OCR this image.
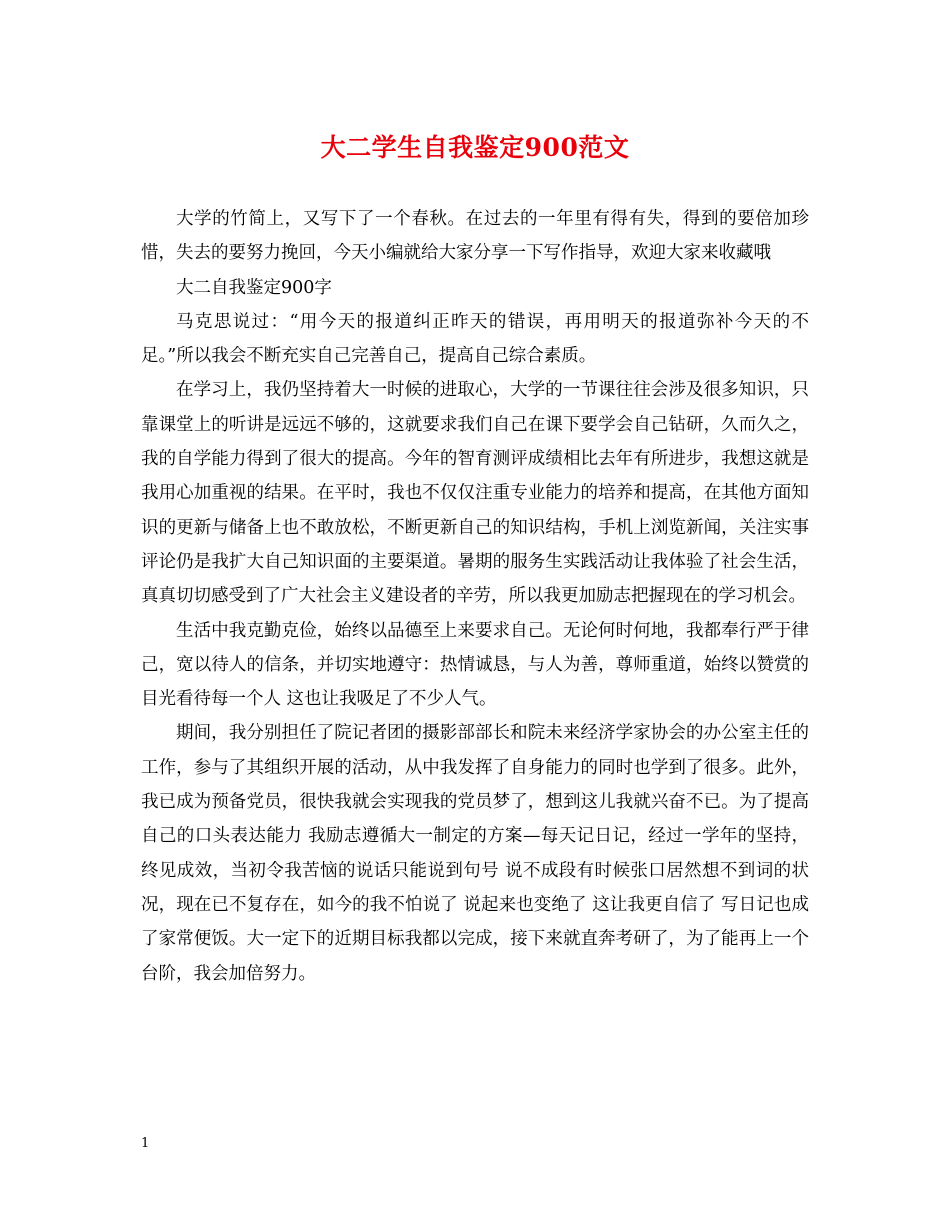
大二学生自我鉴定900范文

大学的竹简上，又写下了一个春秋。在过去的一年里有得有失，得到的要倍加珍惜，失去的要努力挽回，今天小编就给大家分享一下写作指导，欢迎大家来收藏哦

大二自我鉴定900字

马克思说过：“用今天的报道纠正昨天的错误，再用明天的报道弥补今天的不足。”所以我会不断充实自己完善自己，提高自己综合素质。

在学习上，我仍坚持着大一时候的进取心，大学的一节课往往会涉及很多知识，只靠课堂上的听讲是远远不够的，这就要求我们自己在课下要学会自己钻研，久而久之，我的自学能力得到了很大的提高。今年的智育测评成绩相比去年有所进步，我想这就是我用心加重视的结果。在平时，我也不仅仅注重专业能力的培养和提高，在其他方面知识的更新与储备上也不敢放松，不断更新自己的知识结构，手机上浏览新闻，关注实事评论仍是我扩大自己知识面的主要渠道。暑期的服务生实践活动让我体验了社会生活，真真切切感受到了广大社会主义建设者的辛劳，所以我更加励志把握现在的学习机会。

生活中我克勤克俭，始终以品德至上来要求自己。无论何时何地，我都奉行严于律己，宽以待人的信条，并切实地遵守：热情诚恳，与人为善，尊师重道，始终以赞赏的目光看待每一个人 这也让我吸足了不少人气。

期间，我分别担任了院记者团的摄影部部长和院未来经济学家协会的办公室主任的工作，参与了其组织开展的活动，从中我发挥了自身能力的同时也学到了很多。此外，我已成为预备党员，很快我就会实现我的党员梦了，想到这儿我就兴奋不已。为了提高自己的口头表达能力 我励志遵循大一制定的方案—每天记日记，经过一学年的坚持，终见成效，当初令我苦恼的说话只能说到句号 说不成段有时候张口居然想不到词的状况，现在已不复存在，如今的我不怕说了 说起来也变绝了 这让我更自信了 写日记也成了家常便饭。大一定下的近期目标我都以完成，接下来就直奔考研了，为了能再上一个台阶，我会加倍努力。

1
